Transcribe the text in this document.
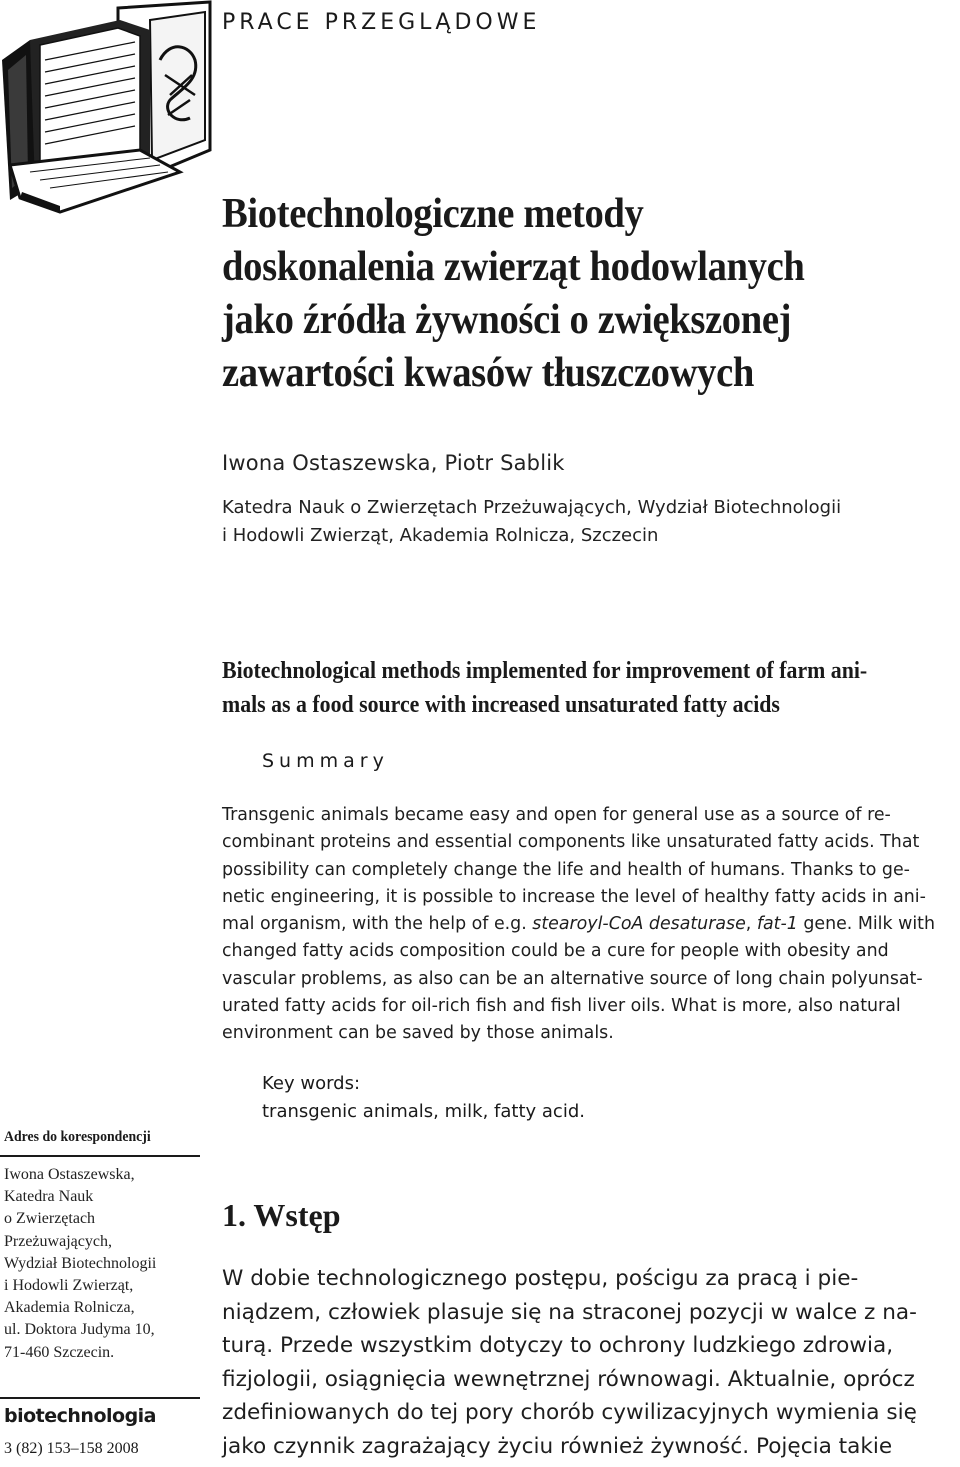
PRACE PRZEGLĄDOWE
Biotechnologiczne metody
doskonalenia zwierząt hodowlanych
jako źródła żywności o zwiększonej
zawartości kwasów tłuszczowych
Iwona Ostaszewska, Piotr Sablik
Katedra Nauk o Zwierzętach Przeżuwających, Wydział Biotechnologii
i Hodowli Zwierząt, Akademia Rolnicza, Szczecin
Biotechnological methods implemented for improvement of farm ani-
mals as a food source with increased unsaturated fatty acids
Summary
Transgenic animals became easy and open for general use as a source of re-
combinant proteins and essential components like unsaturated fatty acids. That
possibility can completely change the life and health of humans. Thanks to ge-
netic engineering, it is possible to increase the level of healthy fatty acids in ani-
mal organism, with the help of e.g. stearoyl-CoA desaturase, fat-1 gene. Milk with
changed fatty acids composition could be a cure for people with obesity and
vascular problems, as also can be an alternative source of long chain polyunsat-
urated fatty acids for oil-rich fish and fish liver oils. What is more, also natural
environment can be saved by those animals.
Key words:
transgenic animals, milk, fatty acid.
1. Wstęp
W dobie technologicznego postępu, pościgu za pracą i pie-
niądzem, człowiek plasuje się na straconej pozycji w walce z na-
turą. Przede wszystkim dotyczy to ochrony ludzkiego zdrowia,
fizjologii, osiągnięcia wewnętrznej równowagi. Aktualnie, oprócz
zdefiniowanych do tej pory chorób cywilizacyjnych wymienia się
jako czynnik zagrażający życiu również żywność. Pojęcia takie
Adres do korespondencji
Iwona Ostaszewska,
Katedra Nauk
o Zwierzętach
Przeżuwających,
Wydział Biotechnologii
i Hodowli Zwierząt,
Akademia Rolnicza,
ul. Doktora Judyma 10,
71-460 Szczecin.
biotechnologia
3 (82) 153–158 2008
